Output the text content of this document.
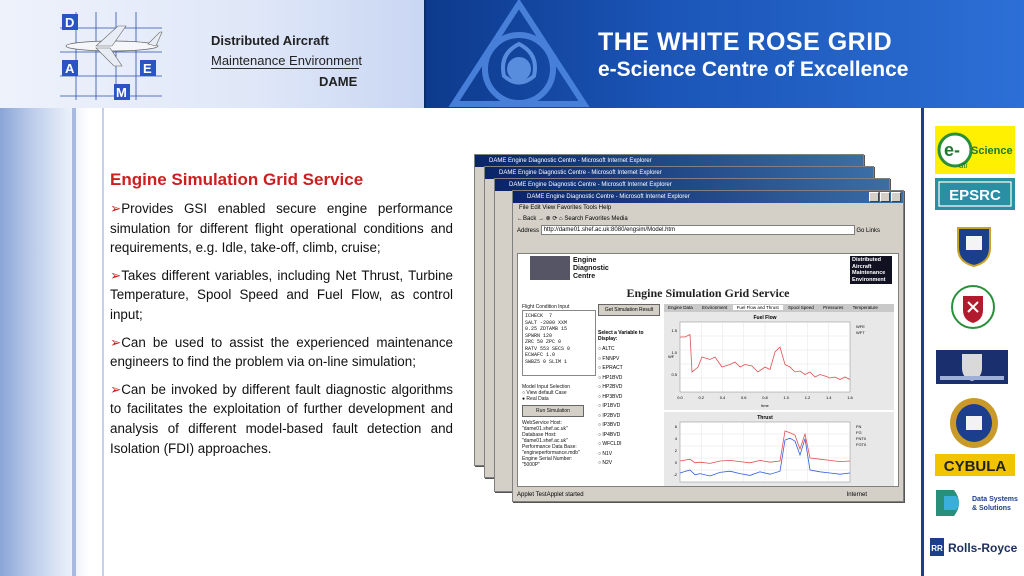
D
A	E
M
Distributed Aircraft
Maintenance Environment
DAME
THE WHITE ROSE GRID
e-Science Centre of Excellence
Engine Simulation Grid Service

➢Provides GSI enabled secure engine performance simulation for different flight operational conditions and requirements, e.g. Idle, take-off, climb, cruise;

➢Takes different variables, including Net Thrust, Turbine Temperature, Spool Speed and Fuel Flow, as control input;

➢Can be used to assist the experienced maintenance engineers to find the problem via on-line simulation;

➢Can be invoked by different fault diagnostic algorithms to facilitates the exploitation of further development and analysis of different model-based fault detection and Isolation (FDI) approaches.

DAME Engine Diagnostic Centre - Microsoft Internet Explorer
DAME Engine Diagnostic Centre - Microsoft Internet Explorer
DAME Engine Diagnostic Centre - Microsoft Internet Explorer
DAME Engine Diagnostic Centre - Microsoft Internet Explorer
File Edit View Favorites Tools Help
←Back → ⊗ ⟳ ⌂ Search Favorites Media
Address http://dame01.shef.ac.uk:8080/engsim/Model.htm	Go Links
Engine Diagnostic Centre
Distributed Aircraft Maintenance Environment
Engine Simulation Grid Service
Flight Condition Input
ICHECK  7
SALT -2000 XXM
0.25 ZDTAMB 15
SPWRN 120
ZRC 50 ZPC 0
RATV 553 SECS 0
ECWAFC 1.0
SWBZ5 0 SLIM 1
Model Input Selection
○ View default Case
● Real Data
Run Simulation
WebService Host:
"dame01.shef.ac.uk"
Database Host:
"dame01.shef.ac.uk"
Performance Data Base:
"engineperformance.mdb"
Engine Serial Number:
"5000P"
Get Simulation Result
Select a Variable to Display:
○ ALTC
○ FNNPV
○ EPRACT
○ HP1BVD
○ HP2BVD
○ HP3BVD
○ IP1BVD
○ IP2BVD
○ IP3BVD
○ IP4BVD
○ WFCLDI
○ N1V
○ N2V
Engine Data Environment Fuel Flow and Thrust Spool Speed Pressures Temperature
Fuel Flow
0.0	0.2	0.4	0.6	0.8	1.0	1.2	1.4	1.6
1.5
1.0
0.5
time
WF
WFE
WFT
Thrust
6
4
2
0
-2
FN
FG
FNT0
FGT0
Applet TestApplet started	Internet
e- Science
dti
EPSRC
CYBULA
Data Systems
& Solutions
RR Rolls-Royce
